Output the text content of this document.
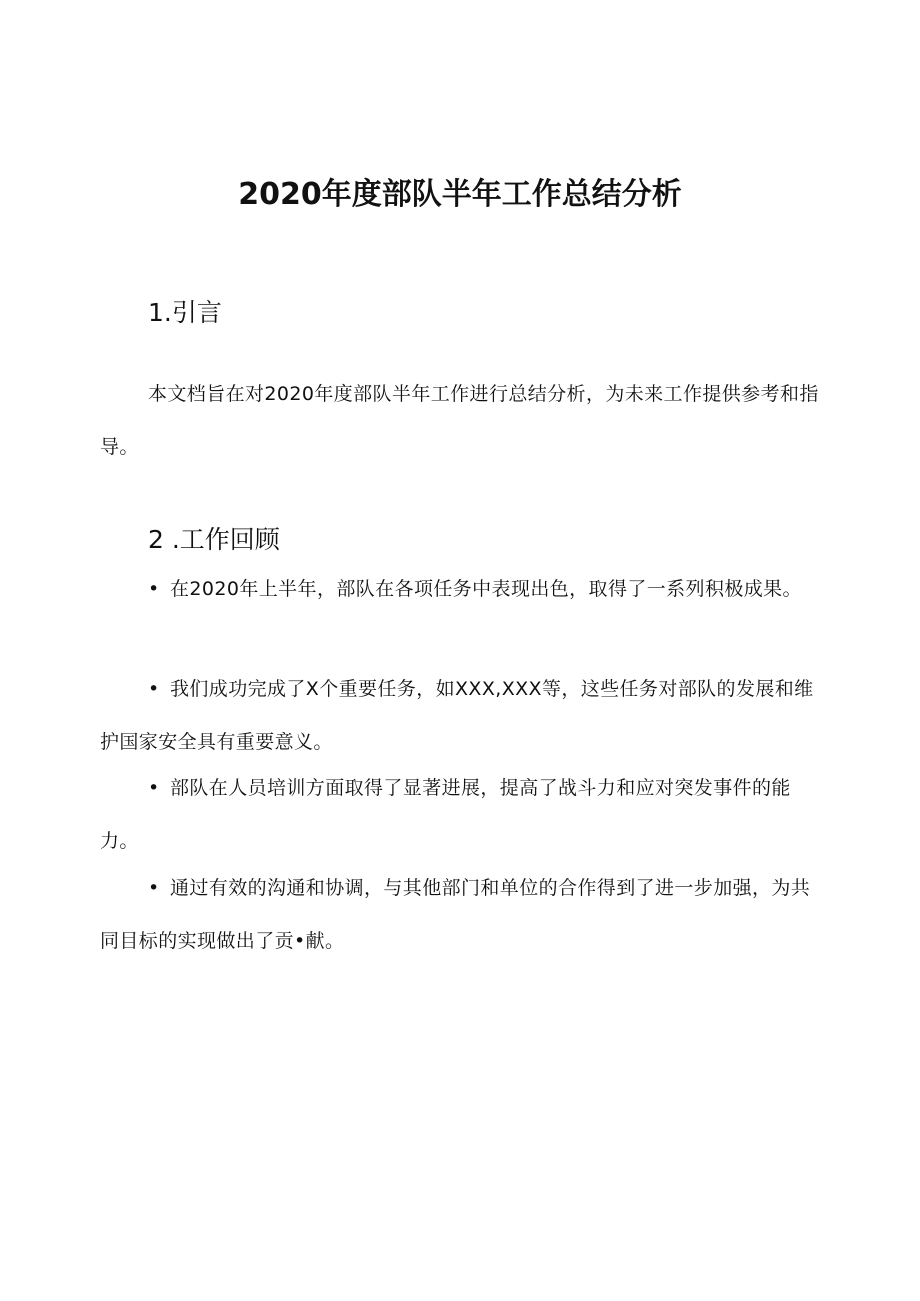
2020年度部队半年工作总结分析
1.引言

本文档旨在对2020年度部队半年工作进行总结分析，为未来工作提供参考和指导。

2 .工作回顾

• 在2020年上半年，部队在各项任务中表现出色，取得了一系列积极成果。

• 我们成功完成了X个重要任务，如XXX,XXX等，这些任务对部队的发展和维护国家安全具有重要意义。

• 部队在人员培训方面取得了显著进展，提高了战斗力和应对突发事件的能力。

• 通过有效的沟通和协调，与其他部门和单位的合作得到了进一步加强，为共同目标的实现做出了贡•献。
